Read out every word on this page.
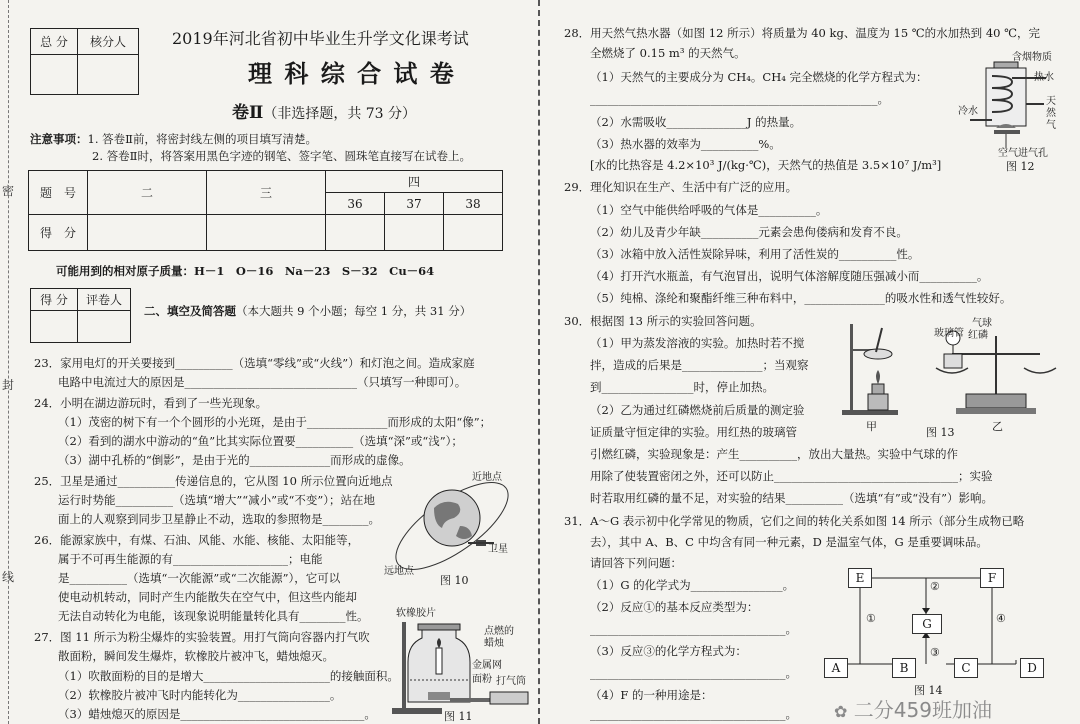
密
封
线
总 分	核分人
		2019年河北省初中毕业生升学文化课考试
理 科 综 合 试 卷
卷Ⅱ（非选择题，共 73 分）
注意事项：1. 答卷Ⅱ前，将密封线左侧的项目填写清楚。
2. 答卷Ⅱ时，将答案用黑色字迹的钢笔、签字笔、圆珠笔直接写在试卷上。
题　号	二	三	四		
			36	37	38
得　分					
可能用到的相对原子质量：H－1　O－16　Na－23　S－32　Cu－64
得 分	评卷人

二、填空及简答题（本大题共 9 个小题；每空 1 分，共 31 分）
23．家用电灯的开关要接到__________（选填“零线”或“火线”）和灯泡之间。造成家庭
电路中电流过大的原因是______________________________（只填写一种即可）。
24．小明在湖边游玩时，看到了一些光现象。
（1）茂密的树下有一个个圆形的小光斑，是由于______________而形成的太阳“像”；
（2）看到的湖水中游动的“鱼”比其实际位置要__________（选填“深”或“浅”）；
（3）湖中孔桥的“倒影”，是由于光的______________而形成的虚像。
25．卫星是通过__________传递信息的，它从图 10 所示位置向近地点
运行时势能__________（选填“增大”“减小”或“不变”）；站在地
面上的人观察到同步卫星静止不动，选取的参照物是________。
26．能源家族中，有煤、石油、风能、水能、核能、太阳能等，
属于不可再生能源的有____________________；电能
是__________（选填“一次能源”或“二次能源”），它可以
使电动机转动，同时产生内能散失在空气中，但这些内能却
无法自动转化为电能，该现象说明能量转化具有________性。
27．图 11 所示为粉尘爆炸的实验装置。用打气筒向容器内打气吹
散面粉，瞬间发生爆炸，软橡胶片被冲飞，蜡烛熄灭。
（1）吹散面粉的目的是增大______________________的接触面积。
（2）软橡胶片被冲飞时内能转化为________________。
（3）蜡烛熄灭的原因是________________________________。
近地点
卫星
远地点
图 10
软橡胶片
点燃的
蜡烛
金属网
面粉 打气筒
图 11
28．用天然气热水器（如图 12 所示）将质量为 40 kg、温度为 15 ℃的水加热到 40 ℃，完
全燃烧了 0.15 m³ 的天然气。
（1）天然气的主要成分为 CH₄。CH₄ 完全燃烧的化学方程式为：
__________________________________________________。
（2）水需吸收______________J 的热量。
（3）热水器的效率为__________%。
[水的比热容是 4.2×10³ J/(kg·℃)，天然气的热值是 3.5×10⁷ J/m³]
29．理化知识在生产、生活中有广泛的应用。
（1）空气中能供给呼吸的气体是__________。
（2）幼儿及青少年缺__________元素会患佝偻病和发育不良。
（3）冰箱中放入活性炭除异味，利用了活性炭的__________性。
（4）打开汽水瓶盖，有气泡冒出，说明气体溶解度随压强减小而__________。
（5）纯棉、涤纶和聚酯纤维三种布料中，______________的吸水性和透气性较好。
30．根据图 13 所示的实验回答问题。
（1）甲为蒸发溶液的实验。加热时若不搅
拌，造成的后果是______________；当观察
到________________时，停止加热。
（2）乙为通过红磷燃烧前后质量的测定验
证质量守恒定律的实验。用红热的玻璃管
引燃红磷，实验现象是：产生__________，放出大量热。实验中气球的作
用除了使装置密闭之外，还可以防止________________________________；实验
时若取用红磷的量不足，对实验的结果__________（选填“有”或“没有”）影响。
31．A～G 表示初中化学常见的物质，它们之间的转化关系如图 14 所示（部分生成物已略
去），其中 A、B、C 中均含有同一种元素，D 是温室气体，G 是重要调味品。
请回答下列问题：
（1）G 的化学式为________________。
（2）反应①的基本反应类型为：
__________________________________。
（3）反应③的化学方程式为：
__________________________________。
（4）F 的一种用途是：
__________________________________。
含烟物质
热水
冷水
天
然
气
空气进气孔
图 12
气球
玻璃管 红磷
甲	图 13	乙
E	F
G
A	B	C	D
①
②
③
④
图 14
✿ 二分459班加油
